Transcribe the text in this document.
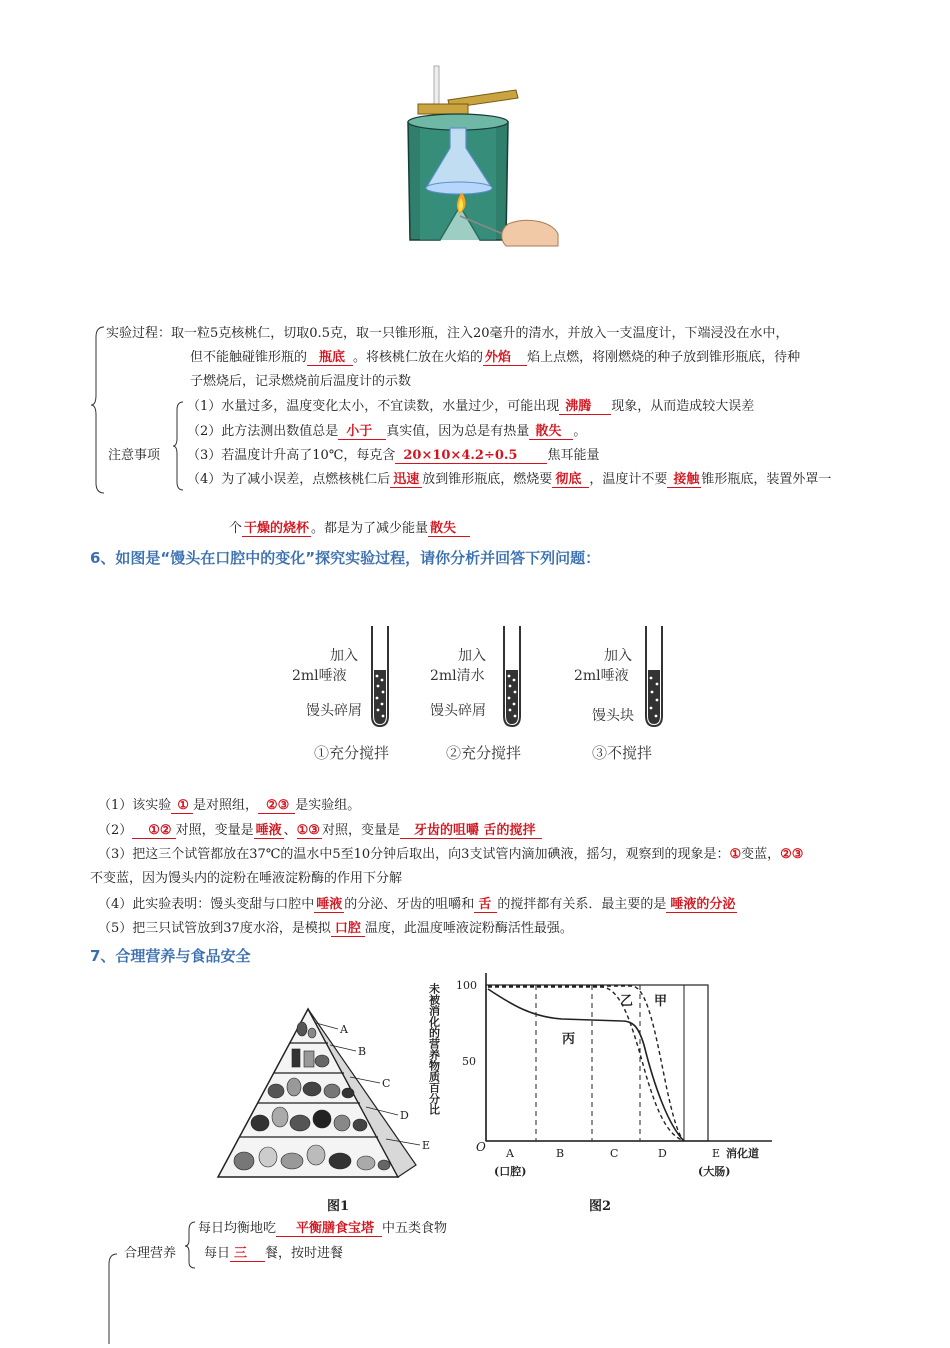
实验过程：取一粒5克核桃仁，切取0.5克，取一只锥形瓶，注入20毫升的清水，并放入一支温度计，下端浸没在水中，
但不能触碰锥形瓶的 瓶底 。将核桃仁放在火焰的 外焰 焰上点燃，将刚燃烧的种子放到锥形瓶底，待种
子燃烧后，记录燃烧前后温度计的示数
注意事项
（1）水量过多，温度变化太小，不宜读数，水量过少，可能出现 沸腾 现象，从而造成较大误差
（2）此方法测出数值总是 小于 真实值，因为总是有热量 散失 。
（3）若温度计升高了10℃，每克含 20×10×4.2÷0.5 焦耳能量
（4）为了减小误差，点燃核桃仁后 迅速 放到锥形瓶底，燃烧要 彻底 ，温度计不要 接触 锥形瓶底，装置外罩一
个 干燥的烧杯 。都是为了减少能量 散失
6、如图是“馒头在口腔中的变化”探究实验过程，请你分析并回答下列问题：
加入
2ml唾液
馒头碎屑
①充分搅拌
加入
2ml清水
馒头碎屑
②充分搅拌
加入
2ml唾液
馒头块
③不搅拌
（1）该实验 ① 是对照组， ②③ 是实验组。
（2） ①② 对照，变量是 唾液 、①③ 对照，变量是 牙齿的咀嚼 舌的搅拌
（3）把这三个试管都放在37℃的温水中5至10分钟后取出，向3支试管内滴加碘液，摇匀，观察到的现象是：①变蓝，②③
不变蓝，因为馒头内的淀粉在唾液淀粉酶的作用下分解
（4）此实验表明：馒头变甜与口腔中 唾液 的分泌、牙齿的咀嚼和 舌 的搅拌都有关系．最主要的是 唾液的分泌
（5）把三只试管放到37度水浴，是模拟 口腔 温度，此温度唾液淀粉酶活性最强。
7、合理营养与食品安全
A
B
C
D
E
图1
未被消化的营养物质百分比 100
50
O
乙 甲
丙
A	B	C	D	E 消化道
(口腔)	(大肠)
图2
合理营养
每日均衡地吃 平衡膳食宝塔 中五类食物
每日 三 餐，按时进餐
